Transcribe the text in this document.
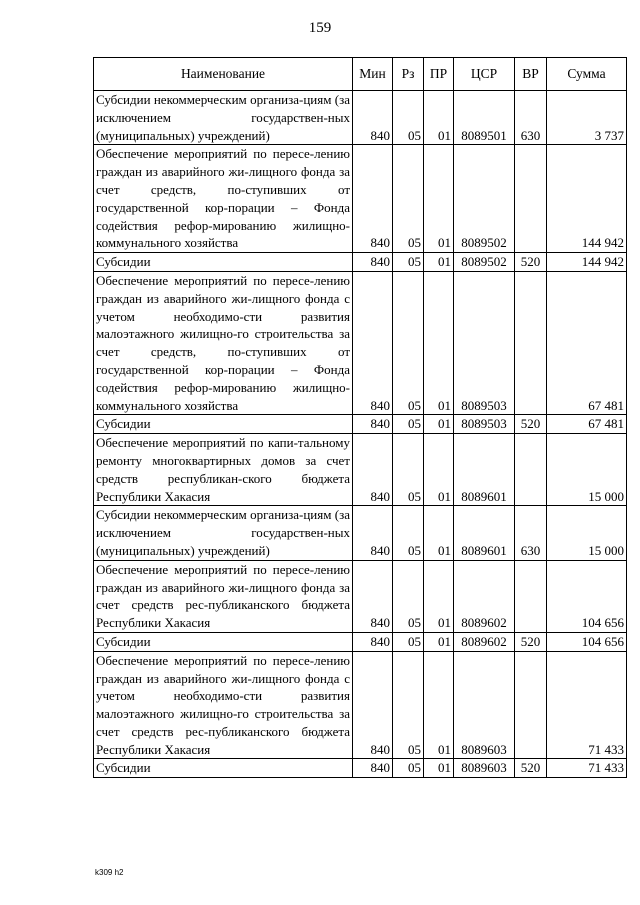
159
Наименование	Мин	Рз	ПР	ЦСР	ВР	Сумма
Субсидии некоммерческим организа-циям (за исключением государствен-ных (муниципальных) учреждений)	840	05	01	8089501	630	3 737
Обеспечение мероприятий по пересе-лению граждан из аварийного жи-лищного фонда за счет средств, по-ступивших от государственной кор-порации – Фонда содействия рефор-мированию жилищно-коммунального хозяйства	840	05	01	8089502		144 942
Субсидии	840	05	01	8089502	520	144 942
Обеспечение мероприятий по пересе-лению граждан из аварийного жи-лищного фонда с учетом необходимо-сти развития малоэтажного жилищно-го строительства за счет средств, по-ступивших от государственной кор-порации – Фонда содействия рефор-мированию жилищно-коммунального хозяйства	840	05	01	8089503		67 481
Субсидии	840	05	01	8089503	520	67 481
Обеспечение мероприятий по капи-тальному ремонту многоквартирных домов за счет средств республикан-ского бюджета Республики Хакасия	840	05	01	8089601		15 000
Субсидии некоммерческим организа-циям (за исключением государствен-ных (муниципальных) учреждений)	840	05	01	8089601	630	15 000
Обеспечение мероприятий по пересе-лению граждан из аварийного жи-лищного фонда за счет средств рес-публиканского бюджета Республики Хакасия	840	05	01	8089602		104 656
Субсидии	840	05	01	8089602	520	104 656
Обеспечение мероприятий по пересе-лению граждан из аварийного жи-лищного фонда с учетом необходимо-сти развития малоэтажного жилищно-го строительства за счет средств рес-публиканского бюджета Республики Хакасия	840	05	01	8089603		71 433
Субсидии	840	05	01	8089603	520	71 433
k309 h2
